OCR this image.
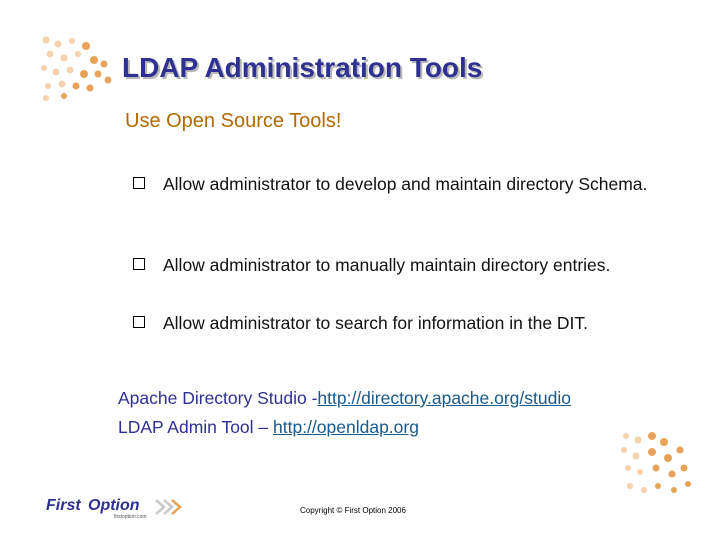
LDAP Administration Tools
Use Open Source Tools!
Allow administrator to develop and maintain directory Schema.
Allow administrator to manually maintain directory entries.
Allow administrator to search for information in the DIT.
Apache Directory Studio -http://directory.apache.org/studio
LDAP Admin Tool – http://openldap.org
First Option
firstoption.com
Copyright © First Option 2006
